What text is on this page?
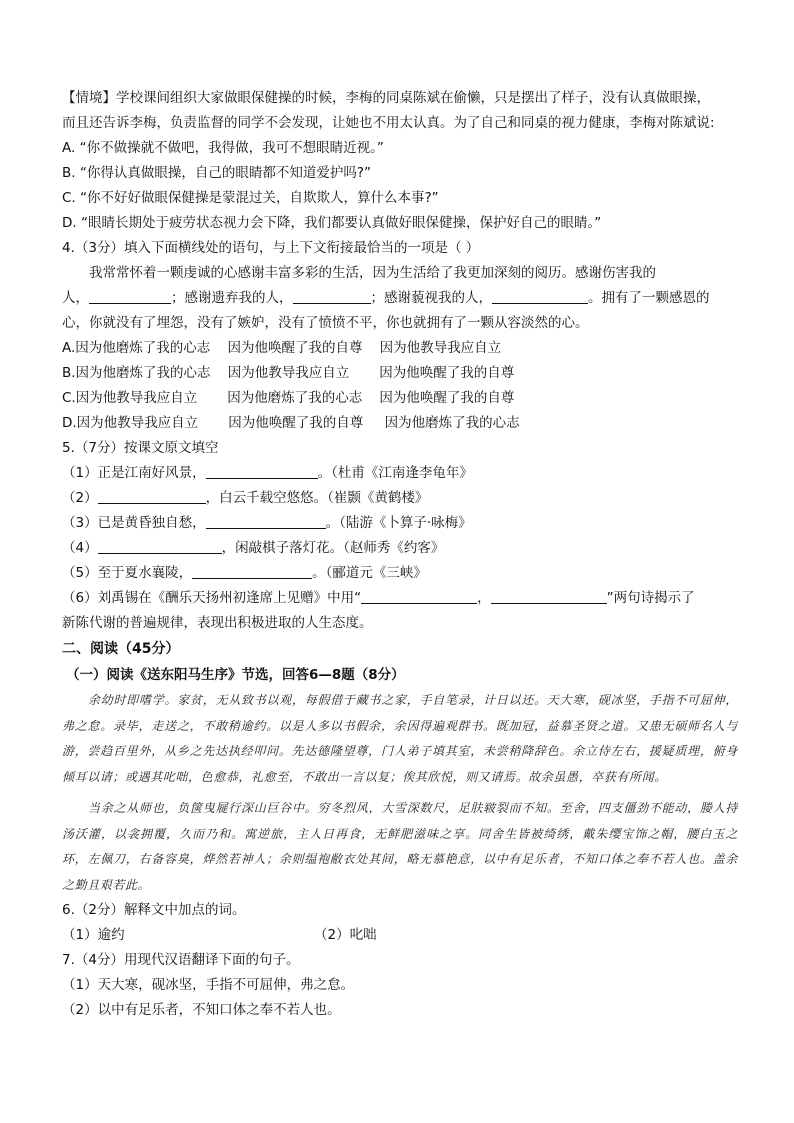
【情境】学校课间组织大家做眼保健操的时候，李梅的同桌陈斌在偷懒，只是摆出了样子，没有认真做眼操，
而且还告诉李梅，负责监督的同学不会发现，让她也不用太认真。为了自己和同桌的视力健康，李梅对陈斌说:
A. “你不做操就不做吧，我得做，我可不想眼睛近视。”
B. “你得认真做眼操，自己的眼睛都不知道爱护吗?”
C. “你不好好做眼保健操是蒙混过关，自欺欺人，算什么本事?”
D. “眼睛长期处于疲劳状态视力会下降，我们都要认真做好眼保健操，保护好自己的眼睛。”
4.（3分）填入下面横线处的语句，与上下文衔接最恰当的一项是（ ）
我常常怀着一颗虔诚的心感谢丰富多彩的生活，因为生活给了我更加深刻的阅历。感谢伤害我的
人，	；感谢遗弃我的人，	；感谢藐视我的人，	。拥有了一颗感恩的
心，你就没有了埋怨，没有了嫉妒，没有了愤愤不平，你也就拥有了一颗从容淡然的心。
A.因为他磨炼了我的心志    因为他唤醒了我的自尊    因为他教导我应自立
B.因为他磨炼了我的心志    因为他教导我应自立       因为他唤醒了我的自尊
C.因为他教导我应自立       因为他磨炼了我的心志    因为他唤醒了我的自尊
D.因为他教导我应自立       因为他唤醒了我的自尊     因为他磨炼了我的心志
5.（7分）按课文原文填空
（1）正是江南好风景，	。（杜甫《江南逢李龟年》
（2）	，白云千载空悠悠。（崔颢《黄鹤楼》
（3）已是黄昏独自愁，	。（陆游《卜算子·咏梅》
（4）	，闲敲棋子落灯花。（赵师秀《约客》
（5）至于夏水襄陵，	。（郦道元《三峡》
（6）刘禹锡在《酬乐天扬州初逢席上见赠》中用“	，	”两句诗揭示了
新陈代谢的普遍规律，表现出积极进取的人生态度。
二、阅读（45分）
（一）阅读《送东阳马生序》节选，回答6—8题（8分）

余幼时即嗜学。家贫，无从致书以观，每假借于藏书之家，手自笔录，计日以还。天大寒，砚冰坚，手指不可屈伸，弗之怠。录毕，走送之，不敢稍逾约。以是人多以书假余，余因得遍观群书。既加冠，益慕圣贤之道。又患无硕师名人与游，尝趋百里外，从乡之先达执经叩问。先达德隆望尊，门人弟子填其室，未尝稍降辞色。余立侍左右，援疑质理，俯身倾耳以请；或遇其叱咄，色愈恭，礼愈至，不敢出一言以复；俟其欣悦，则又请焉。故余虽愚，卒获有所闻。

当余之从师也，负箧曳屣行深山巨谷中。穷冬烈风，大雪深数尺，足肤皲裂而不知。至舍，四支僵劲不能动，媵人持汤沃灌，以衾拥覆，久而乃和。寓逆旅，主人日再食，无鲜肥滋味之享。同舍生皆被绮绣，戴朱缨宝饰之帽，腰白玉之环，左佩刀，右备容臭，烨然若神人；余则缊袍敝衣处其间，略无慕艳意，以中有足乐者，不知口体之奉不若人也。盖余之勤且艰若此。

6.（2分）解释文中加点的词。
（1）逾约	（2）叱咄
7.（4分）用现代汉语翻译下面的句子。
（1）天大寒，砚冰坚，手指不可屈伸，弗之怠。
（2）以中有足乐者，不知口体之奉不若人也。
